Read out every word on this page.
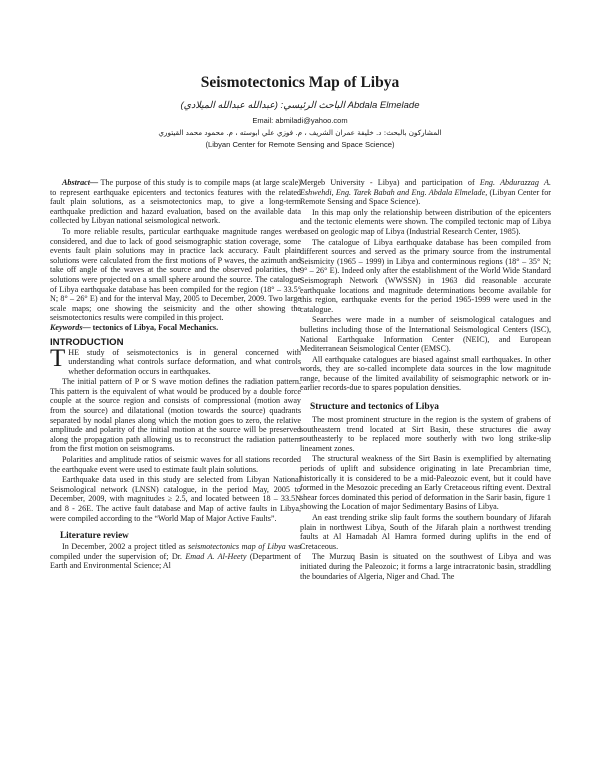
Seismotectonics Map of Libya

الباحث الرئيسي: (عبدالله عبدالله الميلادي) Abdala Elmelade

Email: abmiladi@yahoo.com

المشاركون بالبحث: د. خليفة عمران الشريف ، م. فوزي علي ابوسته ، م. محمود محمد القيتوري

(Libyan Center for Remote Sensing and Space Science)

Abstract— The purpose of this study is to compile maps (at large scale) to represent earthquake epicenters and tectonics features with the related fault plain solutions, as a seismotectonics map, to give a long-term earthquake prediction and hazard evaluation, based on the available data collected by Libyan national seismological network.

To more reliable results, particular earthquake magnitude ranges were considered, and due to lack of good seismographic station coverage, some events fault plain solutions may in practice lack accuracy. Fault plain solutions were calculated from the first motions of P waves, the azimuth and take off angle of the waves at the source and the observed polarities, the solutions were projected on a small sphere around the source. The catalogue of Libya earthquake database has been compiled for the region (18° – 33.5° N; 8° – 26° E) and for the interval May, 2005 to December, 2009. Two large scale maps; one showing the seismicity and the other showing the seismotectonics results were compiled in this project.

Keywords— tectonics of Libya, Focal Mechanics.

INTRODUCTION

THE study of seismotectonics is in general concerned with understanding what controls surface deformation, and what controls whether deformation occurs in earthquakes.

The initial pattern of P or S wave motion defines the radiation pattern. This pattern is the equivalent of what would be produced by a double force couple at the source region and consists of compressional (motion away from the source) and dilatational (motion towards the source) quadrants separated by nodal planes along which the motion goes to zero, the relative amplitude and polarity of the initial motion at the source will be preserved along the propagation path allowing us to reconstruct the radiation pattern from the first motion on seismograms.

Polarities and amplitude ratios of seismic waves for all stations recorded the earthquake event were used to estimate fault plain solutions.

Earthquake data used in this study are selected from Libyan National Seismological network (LNSN) catalogue, in the period May, 2005 to December, 2009, with magnitudes ≥ 2.5, and located between 18 – 33.5N and 8 - 26E. The active fault database and Map of active faults in Libya, were compiled according to the “World Map of Major Active Faults”.

Literature review

In December, 2002 a project titled as seismotectonics map of Libya was compiled under the supervision of; Dr. Emad A. Al-Heety (Department of Earth and Environmental Science; Al

Mergeb University - Libya) and participation of Eng. Abdurazzag A. Eshwehdi, Eng. Tarek Babah and Eng. Abdala Elmelade, (Libyan Center for Remote Sensing and Space Science).

In this map only the relationship between distribution of the epicenters and the tectonic elements were shown. The compiled tectonic map of Libya based on geologic map of Libya (Industrial Research Center, 1985).

The catalogue of Libya earthquake database has been compiled from different sources and served as the primary source from the instrumental Seismicity (1965 – 1999) in Libya and conterminous regions (18° – 35° N; 9° – 26° E). Indeed only after the establishment of the World Wide Standard Seismograph Network (WWSSN) in 1963 did reasonable accurate earthquake locations and magnitude determinations become available for this region, earthquake events for the period 1965-1999 were used in the catalogue.

Searches were made in a number of seismological catalogues and bulletins including those of the International Seismological Centers (ISC), National Earthquake Information Center (NEIC), and European Mediterranean Seismological Center (EMSC).

All earthquake catalogues are biased against small earthquakes. In other words, they are so-called incomplete data sources in the low magnitude range, because of the limited availability of seismographic network or in-earlier records-due to spares population densities.

Structure and tectonics of Libya

The most prominent structure in the region is the system of grabens of southeastern trend located at Sirt Basin, these structures die away southeasterly to be replaced more southerly with two long strike-slip lineament zones.

The structural weakness of the Sirt Basin is exemplified by alternating periods of uplift and subsidence originating in late Precambrian time, historically it is considered to be a mid-Paleozoic event, but it could have formed in the Mesozoic preceding an Early Cretaceous rifting event. Dextral shear forces dominated this period of deformation in the Sarir basin, figure 1 showing the Location of major Sedimentary Basins of Libya.

An east trending strike slip fault forms the southern boundary of Jifarah plain in northwest Libya, South of the Jifarah plain a northwest trending faults at Al Hamadah Al Hamra formed during uplifts in the end of Cretaceous.

The Murzuq Basin is situated on the southwest of Libya and was initiated during the Paleozoic; it forms a large intracratonic basin, straddling the boundaries of Algeria, Niger and Chad. The
